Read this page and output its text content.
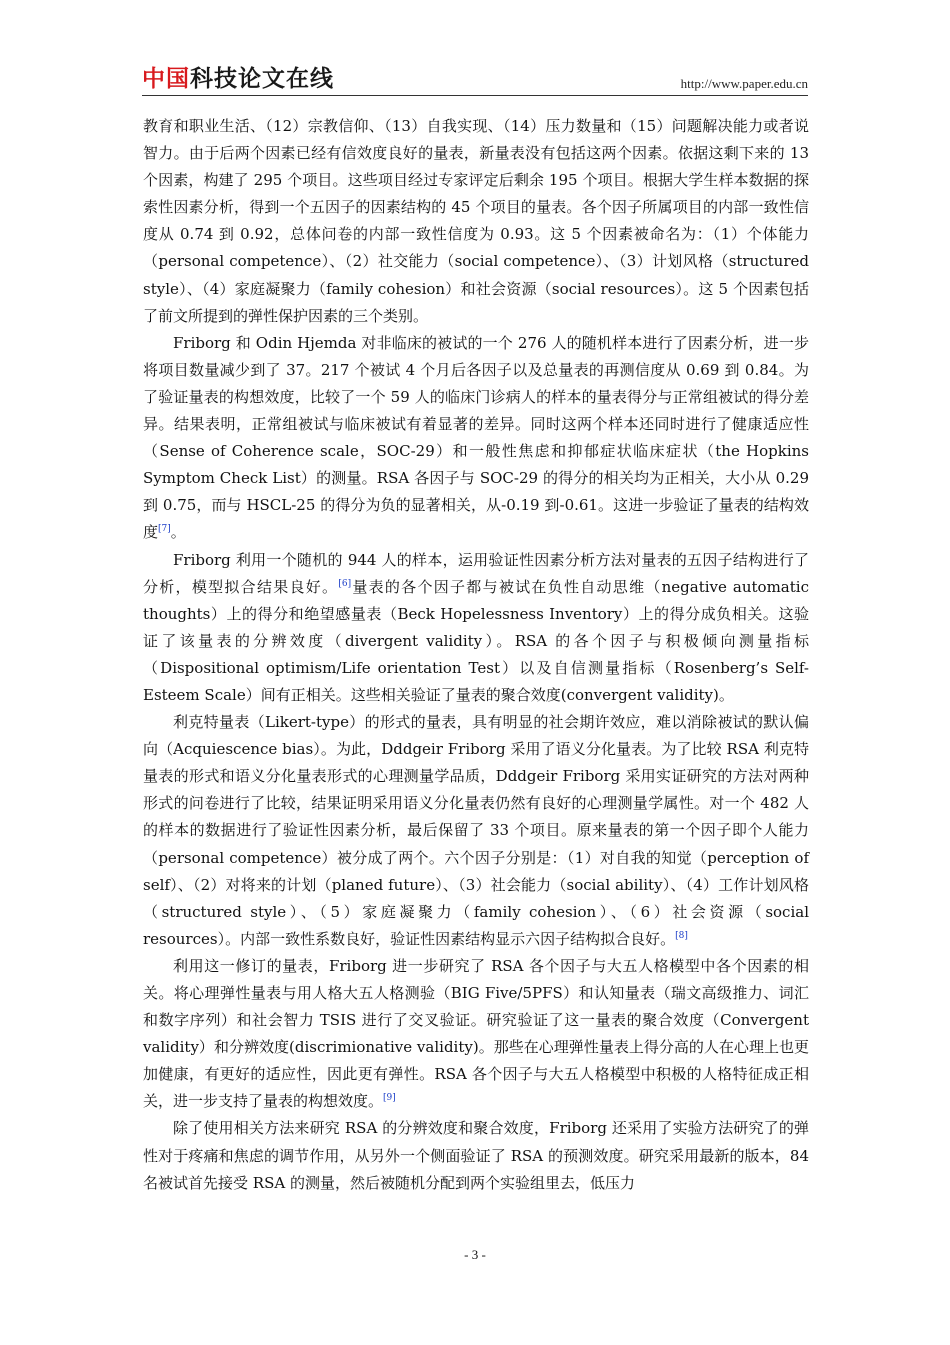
中国科技论文在线	http://www.paper.edu.cn

教育和职业生活、（12）宗教信仰、（13）自我实现、（14）压力数量和（15）问题解决能力或者说智力。由于后两个因素已经有信效度良好的量表，新量表没有包括这两个因素。依据这剩下来的 13 个因素，构建了 295 个项目。这些项目经过专家评定后剩余 195 个项目。根据大学生样本数据的探索性因素分析，得到一个五因子的因素结构的 45 个项目的量表。各个因子所属项目的内部一致性信度从 0.74 到 0.92，总体问卷的内部一致性信度为 0.93。这 5 个因素被命名为：（1）个体能力（personal competence）、（2）社交能力（social competence）、（3）计划风格（structured style）、（4）家庭凝聚力（family cohesion）和社会资源（social resources）。这 5 个因素包括了前文所提到的弹性保护因素的三个类别。

Friborg 和 Odin Hjemda 对非临床的被试的一个 276 人的随机样本进行了因素分析，进一步将项目数量减少到了 37。217 个被试 4 个月后各因子以及总量表的再测信度从 0.69 到 0.84。为了验证量表的构想效度，比较了一个 59 人的临床门诊病人的样本的量表得分与正常组被试的得分差异。结果表明，正常组被试与临床被试有着显著的差异。同时这两个样本还同时进行了健康适应性（Sense of Coherence scale，SOC-29）和一般性焦虑和抑郁症状临床症状（the Hopkins Symptom Check List）的测量。RSA 各因子与 SOC-29 的得分的相关均为正相关，大小从 0.29 到 0.75，而与 HSCL-25 的得分为负的显著相关，从-0.19 到-0.61。这进一步验证了量表的结构效度[7]。

Friborg 利用一个随机的 944 人的样本，运用验证性因素分析方法对量表的五因子结构进行了分析，模型拟合结果良好。[6]量表的各个因子都与被试在负性自动思维（negative automatic thoughts）上的得分和绝望感量表（Beck Hopelessness Inventory）上的得分成负相关。这验证了该量表的分辨效度（divergent validity）。RSA 的各个因子与积极倾向测量指标（Dispositional optimism/Life orientation Test）以及自信测量指标（Rosenberg’s Self-Esteem Scale）间有正相关。这些相关验证了量表的聚合效度(convergent validity)。

利克特量表（Likert-type）的形式的量表，具有明显的社会期许效应，难以消除被试的默认偏向（Acquiescence bias）。为此，Dddgeir Friborg 采用了语义分化量表。为了比较 RSA 利克特量表的形式和语义分化量表形式的心理测量学品质，Dddgeir Friborg 采用实证研究的方法对两种形式的问卷进行了比较，结果证明采用语义分化量表仍然有良好的心理测量学属性。对一个 482 人的样本的数据进行了验证性因素分析，最后保留了 33 个项目。原来量表的第一个因子即个人能力（personal competence）被分成了两个。六个因子分别是：（1）对自我的知觉（perception of self）、（2）对将来的计划（planed future）、（3）社会能力（social ability）、（4）工作计划风格（structured style）、（5）家庭凝聚力（family cohesion）、（6）社会资源（social resources）。内部一致性系数良好，验证性因素结构显示六因子结构拟合良好。[8]

利用这一修订的量表，Friborg 进一步研究了 RSA 各个因子与大五人格模型中各个因素的相关。将心理弹性量表与用人格大五人格测验（BIG Five/5PFS）和认知量表（瑞文高级推力、词汇和数字序列）和社会智力 TSIS 进行了交叉验证。研究验证了这一量表的聚合效度（Convergent validity）和分辨效度(discrimionative validity)。那些在心理弹性量表上得分高的人在心理上也更加健康，有更好的适应性，因此更有弹性。RSA 各个因子与大五人格模型中积极的人格特征成正相关，进一步支持了量表的构想效度。[9]

除了使用相关方法来研究 RSA 的分辨效度和聚合效度，Friborg 还采用了实验方法研究了的弹性对于疼痛和焦虑的调节作用，从另外一个侧面验证了 RSA 的预测效度。研究采用最新的版本，84 名被试首先接受 RSA 的测量，然后被随机分配到两个实验组里去，低压力

- 3 -
